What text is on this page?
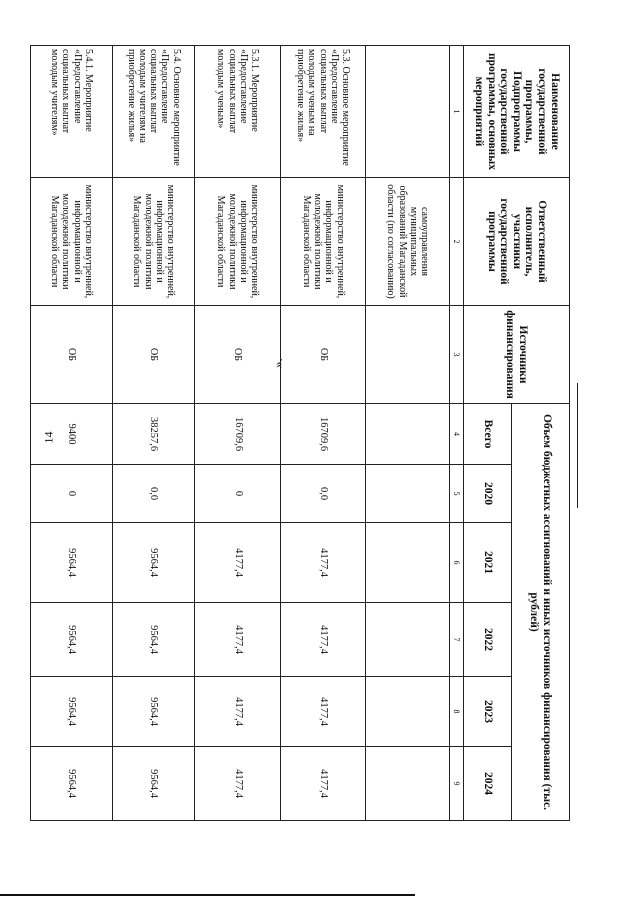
14
».
Наименование государственной программы, Подпрограммы государственной программы, основных мероприятий	Ответственный исполнитель, участники государственной программы	Источники финансирования	Объем бюджетных ассигнований и иных источников финансирования (тыс. рублей)					
			Всего	2020	2021	2022	2023	2024
1	2	3	4	5	6	7	8	9
	самоуправления муниципальных образований Магаданской области (по согласованию)							
5.3. Основное мероприятие «Предоставление социальных выплат молодым ученым на приобретение жилья»	министерство внутренней, информационной и молодежной политики Магаданской области	ОБ	16709,6	0,0	4177,4	4177,4	4177,4	4177,4
5.3.1. Мероприятие «Предоставление социальных выплат молодым ученым»	министерство внутренней, информационной и молодежной политики Магаданской области	ОБ	16709,6	0	4177,4	4177,4	4177,4	4177,4
5.4. Основное мероприятие «Предоставление социальных выплат молодым учителям на приобретение жилья»	министерство внутренней, информационной и молодежной политики Магаданской области	ОБ	38257,6	0,0	9564,4	9564,4	9564,4	9564,4
5.4.1. Мероприятие «Предоставление социальных выплат молодым учителям»	министерство внутренней, информационной и молодежной политики Магаданской области	ОБ	9400	0	9564,4	9564,4	9564,4	9564,4
